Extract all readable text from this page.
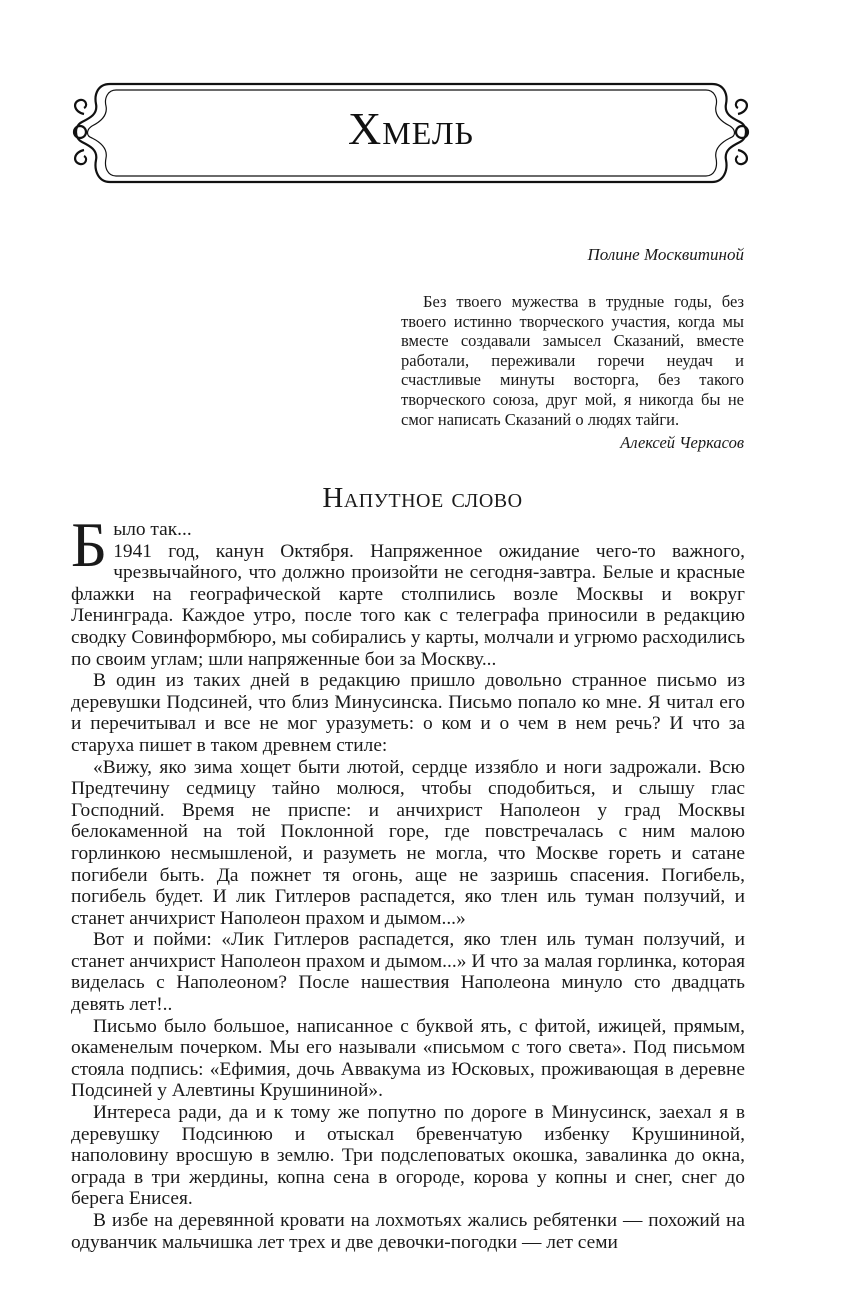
Хмель
Полине Москвитиной
Без твоего мужества в трудные годы, без твоего истинно творческого участия, когда мы вместе создавали замысел Сказаний, вместе работали, переживали горечи неудач и счастливые минуты восторга, без такого творческого союза, друг мой, я никогда бы не смог написать Сказаний о людях тайги.
Алексей Черкасов
Напутное слово

Было так...
1941 год, канун Октября. Напряженное ожидание чего-то важного, чрезвычайного, что должно произойти не сегодня-завтра. Белые и красные флажки на географической карте столпились возле Москвы и вокруг Ленинграда. Каждое утро, после того как с телеграфа приносили в редакцию сводку Совинформбюро, мы собирались у карты, молчали и угрюмо расходились по своим углам; шли напряженные бои за Москву...

В один из таких дней в редакцию пришло довольно странное письмо из деревушки Подсиней, что близ Минусинска. Письмо попало ко мне. Я читал его и перечитывал и все не мог уразуметь: о ком и о чем в нем речь? И что за старуха пишет в таком древнем стиле:

«Вижу, яко зима хощет быти лютой, сердце иззябло и ноги задрожали. Всю Предтечину седмицу тайно молюся, чтобы сподобиться, и слышу глас Господний. Время не приспе: и анчихрист Наполеон у град Москвы белокаменной на той Поклонной горе, где повстречалась с ним малою горлинкою несмышленой, и разуметь не могла, что Москве гореть и сатане погибели быть. Да пожнет тя огонь, аще не зазришь спасения. Погибель, погибель будет. И лик Гитлеров распадется, яко тлен иль туман ползучий, и станет анчихрист Наполеон прахом и дымом...»

Вот и пойми: «Лик Гитлеров распадется, яко тлен иль туман ползучий, и станет анчихрист Наполеон прахом и дымом...» И что за малая горлинка, которая виделась с Наполеоном? После нашествия Наполеона минуло сто двадцать девять лет!..

Письмо было большое, написанное с буквой ять, с фитой, ижицей, прямым, окаменелым почерком. Мы его называли «письмом с того света». Под письмом стояла подпись: «Ефимия, дочь Аввакума из Юсковых, проживающая в деревне Подсиней у Алевтины Крушининой».

Интереса ради, да и к тому же попутно по дороге в Минусинск, заехал я в деревушку Подсинюю и отыскал бревенчатую избенку Крушининой, наполовину вросшую в землю. Три подслеповатых окошка, завалинка до окна, ограда в три жердины, копна сена в огороде, корова у копны и снег, снег до берега Енисея.

В избе на деревянной кровати на лохмотьях жались ребятенки — похожий на одуванчик мальчишка лет трех и две девочки-погодки — лет семи
